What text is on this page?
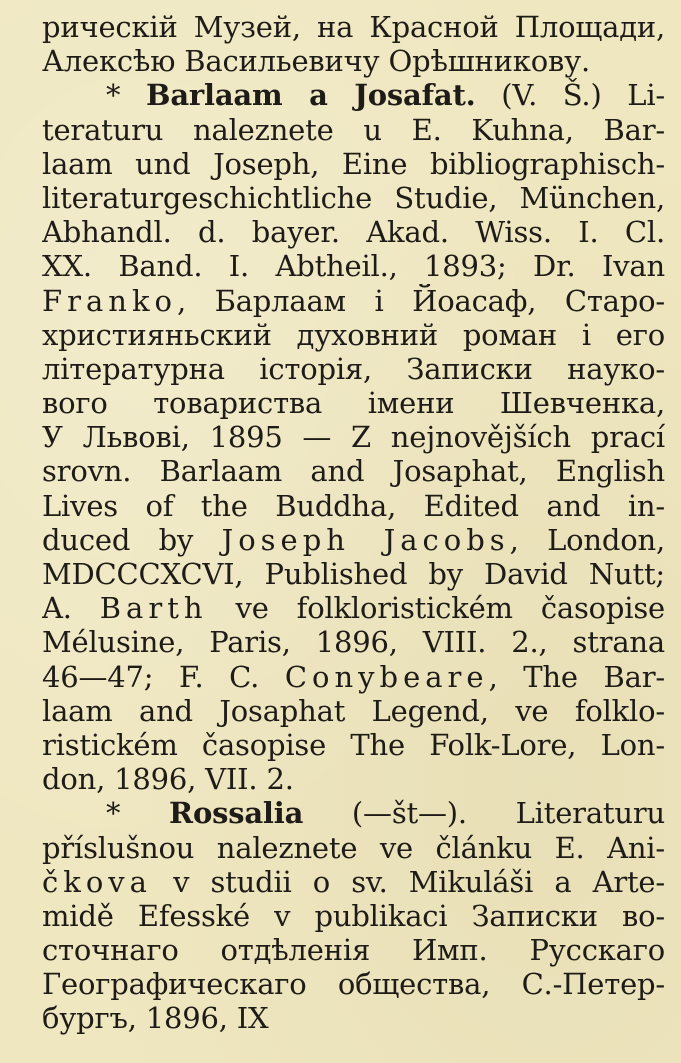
рическій Музей, на Красной Площади,
Алексѣю Васильевичу Орѣшникову.
* Barlaam a Josafat. (V. Š.) Li-
teraturu naleznete u E. Kuhna, Bar-
laam und Joseph, Eine bibliographisch-
literaturgeschichtliche Studie, München,
Abhandl. d. bayer. Akad. Wiss. I. Cl.
XX. Band. I. Abtheil., 1893; Dr. Ivan
Franko, Барлаам і Йоасаф, Старо-
християньский духовний роман і его
літературна історія, Записки науко-
вого товариства імени Шевченка,
У Львові, 1895 — Z nejnovějších prací
srovn. Barlaam and Josaphat, English
Lives of the Buddha, Edited and in-
duced by Joseph Jacobs, London,
MDCCCXCVI, Published by David Nutt;
A. Barth ve folkloristickém časopise
Mélusine, Paris, 1896, VIII. 2., strana
46—47; F. C. Conybeare, The Bar-
laam and Josaphat Legend, ve folklo-
ristickém časopise The Folk-Lore, Lon-
don, 1896, VII. 2.
* Rossalia (—št—). Literaturu
příslušnou naleznete ve článku E. Ani-
čkova v studii o sv. Mikuláši a Arte-
midě Efesské v publikaci Записки во-
сточнаго отдѣленія Имп. Русскаго
Географическаго общества, С.-Петер-
бургъ, 1896, IX
